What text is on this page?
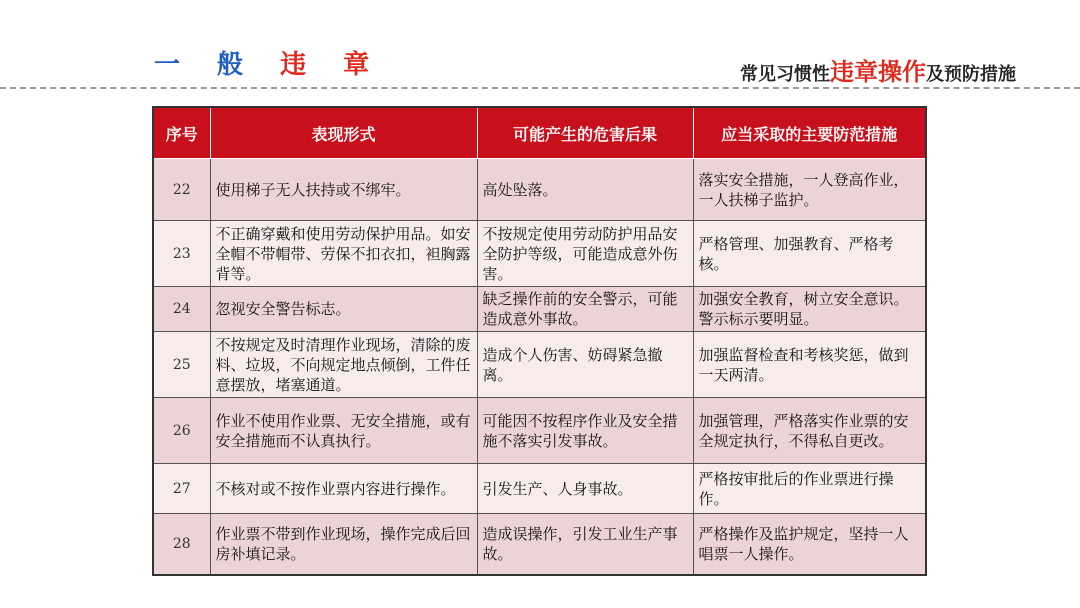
一 般 违 章	常见习惯性违章操作及预防措施
序号	表现形式	可能产生的危害后果	应当采取的主要防范措施
22	使用梯子无人扶持或不绑牢。	高处坠落。	落实安全措施，一人登高作业，一人扶梯子监护。
23	不正确穿戴和使用劳动保护用品。如安全帽不带帽带、劳保不扣衣扣，袒胸露背等。	不按规定使用劳动防护用品安全防护等级，可能造成意外伤害。	严格管理、加强教育、严格考核。
24	忽视安全警告标志。	缺乏操作前的安全警示，可能造成意外事故。	加强安全教育，树立安全意识。警示标示要明显。
25	不按规定及时清理作业现场，清除的废料、垃圾，不向规定地点倾倒，工件任意摆放，堵塞通道。	造成个人伤害、妨碍紧急撤离。	加强监督检查和考核奖惩，做到一天两清。
26	作业不使用作业票、无安全措施，或有安全措施而不认真执行。	可能因不按程序作业及安全措施不落实引发事故。	加强管理，严格落实作业票的安全规定执行，不得私自更改。
27	不核对或不按作业票内容进行操作。	引发生产、人身事故。	严格按审批后的作业票进行操作。
28	作业票不带到作业现场，操作完成后回房补填记录。	造成误操作，引发工业生产事故。	严格操作及监护规定，坚持一人唱票一人操作。
